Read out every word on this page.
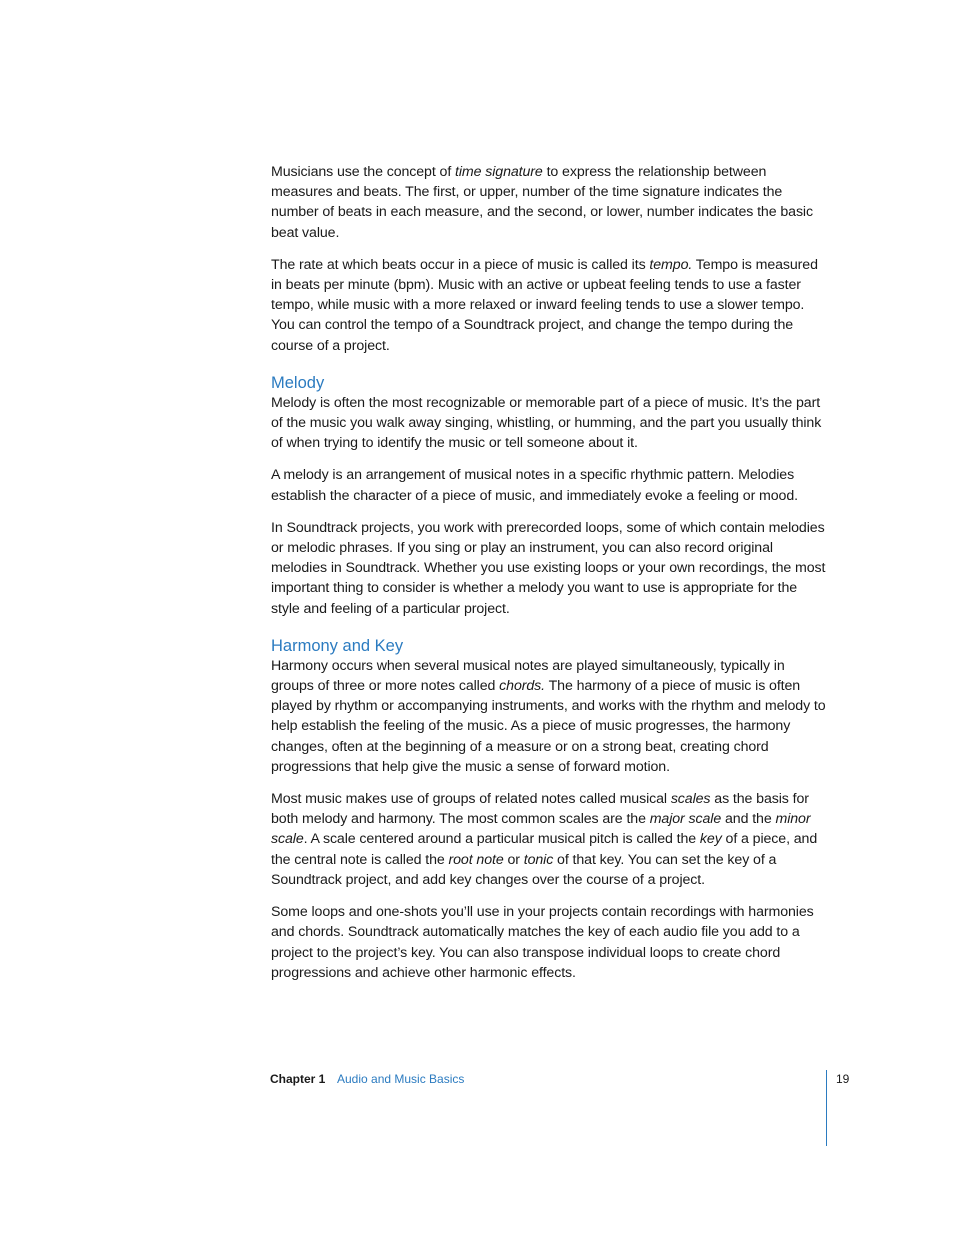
Musicians use the concept of time signature to express the relationship between measures and beats. The first, or upper, number of the time signature indicates the number of beats in each measure, and the second, or lower, number indicates the basic beat value.

The rate at which beats occur in a piece of music is called its tempo. Tempo is measured in beats per minute (bpm). Music with an active or upbeat feeling tends to use a faster tempo, while music with a more relaxed or inward feeling tends to use a slower tempo. You can control the tempo of a Soundtrack project, and change the tempo during the course of a project.

Melody

Melody is often the most recognizable or memorable part of a piece of music. It’s the part of the music you walk away singing, whistling, or humming, and the part you usually think of when trying to identify the music or tell someone about it.

A melody is an arrangement of musical notes in a specific rhythmic pattern. Melodies establish the character of a piece of music, and immediately evoke a feeling or mood.

In Soundtrack projects, you work with prerecorded loops, some of which contain melodies or melodic phrases. If you sing or play an instrument, you can also record original melodies in Soundtrack. Whether you use existing loops or your own recordings, the most important thing to consider is whether a melody you want to use is appropriate for the style and feeling of a particular project.

Harmony and Key

Harmony occurs when several musical notes are played simultaneously, typically in groups of three or more notes called chords. The harmony of a piece of music is often played by rhythm or accompanying instruments, and works with the rhythm and melody to help establish the feeling of the music. As a piece of music progresses, the harmony changes, often at the beginning of a measure or on a strong beat, creating chord progressions that help give the music a sense of forward motion.

Most music makes use of groups of related notes called musical scales as the basis for both melody and harmony. The most common scales are the major scale and the minor scale. A scale centered around a particular musical pitch is called the key of a piece, and the central note is called the root note or tonic of that key. You can set the key of a Soundtrack project, and add key changes over the course of a project.

Some loops and one-shots you’ll use in your projects contain recordings with harmonies and chords. Soundtrack automatically matches the key of each audio file you add to a project to the project’s key. You can also transpose individual loops to create chord progressions and achieve other harmonic effects.

Chapter 1 Audio and Music Basics	19
